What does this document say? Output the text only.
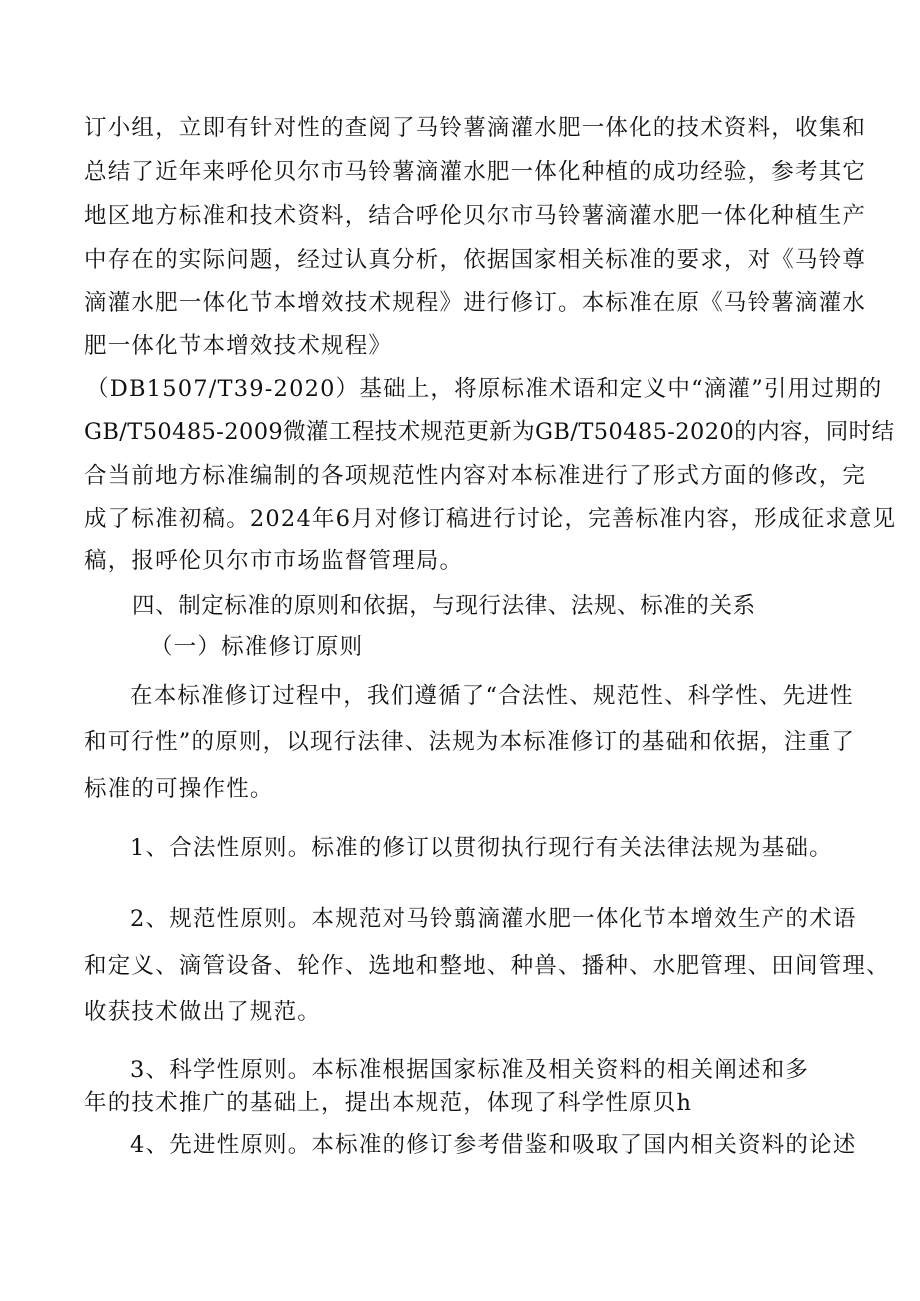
订小组，立即有针对性的查阅了马铃薯滴灌水肥一体化的技术资料，收集和
总结了近年来呼伦贝尔市马铃薯滴灌水肥一体化种植的成功经验，参考其它
地区地方标准和技术资料，结合呼伦贝尔市马铃薯滴灌水肥一体化种植生产
中存在的实际问题，经过认真分析，依据国家相关标准的要求，对《马铃尊
滴灌水肥一体化节本增效技术规程》进行修订。本标准在原《马铃薯滴灌水
肥一体化节本增效技术规程》
（DB1507/T39-2020）基础上，将原标准术语和定义中“滴灌”引用过期的
GB/T50485-2009微灌工程技术规范更新为GB/T50485-2020的内容，同时结
合当前地方标准编制的各项规范性内容对本标准进行了形式方面的修改，完
成了标准初稿。2024年6月对修订稿进行讨论，完善标准内容，形成征求意见
稿，报呼伦贝尔市市场监督管理局。
四、制定标准的原则和依据，与现行法律、法规、标准的关系
（一）标准修订原则
在本标准修订过程中，我们遵循了“合法性、规范性、科学性、先进性
和可行性”的原则，以现行法律、法规为本标准修订的基础和依据，注重了
标准的可操作性。
1、合法性原则。标准的修订以贯彻执行现行有关法律法规为基础。
2、规范性原则。本规范对马铃翦滴灌水肥一体化节本增效生产的术语
和定义、滴管设备、轮作、选地和整地、种兽、播种、水肥管理、田间管理、
收获技术做出了规范。
3、科学性原则。本标准根据国家标准及相关资料的相关阐述和多
年的技术推广的基础上，提出本规范，体现了科学性原贝h
4、先进性原则。本标准的修订参考借鉴和吸取了国内相关资料的论述
